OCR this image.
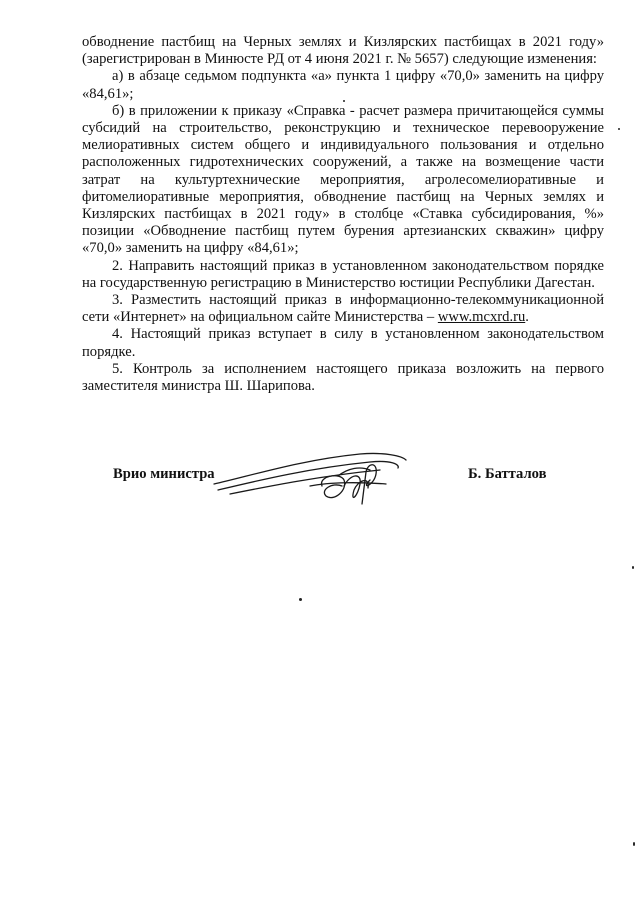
обводнение пастбищ на Черных землях и Кизлярских пастбищах в 2021 году» (зарегистрирован в Минюсте РД от 4 июня 2021 г. № 5657) следующие изменения:

а) в абзаце седьмом подпункта «а» пункта 1 цифру «70,0» заменить на цифру «84,61»;

б) в приложении к приказу «Справка - расчет размера причитающейся суммы субсидий на строительство, реконструкцию и техническое перевооружение мелиоративных систем общего и индивидуального пользования и отдельно расположенных гидротехнических сооружений, а также на возмещение части затрат на культуртехнические мероприятия, агролесомелиоративные и фитомелиоративные мероприятия, обводнение пастбищ на Черных землях и Кизлярских пастбищах в 2021 году» в столбце «Ставка субсидирования, %» позиции «Обводнение пастбищ путем бурения артезианских скважин» цифру «70,0» заменить на цифру «84,61»;

2. Направить настоящий приказ в установленном законодательством порядке на государственную регистрацию в Министерство юстиции Республики Дагестан.

3. Разместить настоящий приказ в информационно-телекоммуникационной сети «Интернет» на официальном сайте Министерства – www.mcxrd.ru.

4. Настоящий приказ вступает в силу в установленном законодательством порядке.

5. Контроль за исполнением настоящего приказа возложить на первого заместителя министра Ш. Шарипова.

Врио министра	Б. Батталов
